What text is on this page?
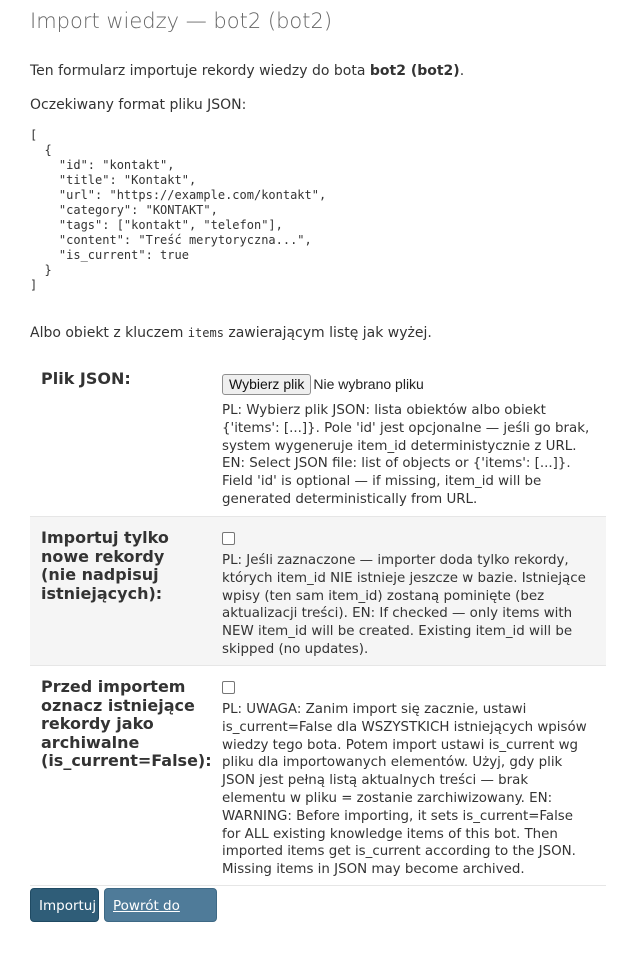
Import wiedzy — bot2 (bot2)

Ten formularz importuje rekordy wiedzy do bota bot2 (bot2).

Oczekiwany format pliku JSON:

[
{
"id": "kontakt",
"title": "Kontakt",
"url": "https://example.com/kontakt",
"category": "KONTAKT",
"tags": ["kontakt", "telefon"],
"content": "Treść merytoryczna...",
"is_current": true
}
]

Albo obiekt z kluczem items zawierającym listę jak wyżej.

Plik JSON:	Wybierz plik Nie wybrano pliku
PL: Wybierz plik JSON: lista obiektów albo obiekt {'items': [...]}. Pole 'id' jest opcjonalne — jeśli go brak, system wygeneruje item_id deterministycznie z URL. EN: Select JSON file: list of objects or {'items': [...]}. Field 'id' is optional — if missing, item_id will be generated deterministically from URL.
Importuj tylko nowe rekordy (nie nadpisuj istniejących):
PL: Jeśli zaznaczone — importer doda tylko rekordy, których item_id NIE istnieje jeszcze w bazie. Istniejące wpisy (ten sam item_id) zostaną pominięte (bez aktualizacji treści). EN: If checked — only items with NEW item_id will be created. Existing item_id will be skipped (no updates).
Przed importem oznacz istniejące rekordy jako archiwalne (is_current=False):
PL: UWAGA: Zanim import się zacznie, ustawi is_current=False dla WSZYSTKICH istniejących wpisów wiedzy tego bota. Potem import ustawi is_current wg pliku dla importowanych elementów. Użyj, gdy plik JSON jest pełną listą aktualnych treści — brak elementu w pliku = zostanie zarchiwizowany. EN: WARNING: Before importing, it sets is_current=False for ALL existing knowledge items of this bot. Then imported items get is_current according to the JSON. Missing items in JSON may become archived.
Importuj	Powrót do bota
